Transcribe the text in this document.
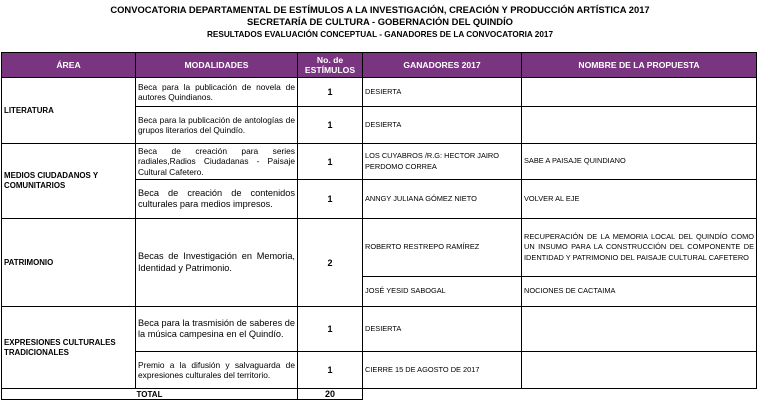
CONVOCATORIA DEPARTAMENTAL DE ESTÍMULOS A LA INVESTIGACIÓN, CREACIÓN Y PRODUCCIÓN ARTÍSTICA 2017
SECRETARÍA DE CULTURA - GOBERNACIÓN DEL QUINDÍO
RESULTADOS EVALUACIÓN CONCEPTUAL - GANADORES DE LA CONVOCATORIA 2017
ÁREA	MODALIDADES	No. de ESTÍMULOS	GANADORES 2017	NOMBRE DE LA PROPUESTA
LITERATURA	Beca para la publicación de novela de autores Quindianos.	1	DESIERTA	
	Beca para la publicación de antologías de grupos literarios del Quindío.	1	DESIERTA	
MEDIOS CIUDADANOS Y COMUNITARIOS	Beca de creación para series radiales,Radios Ciudadanas - Paisaje Cultural Cafetero.	1	LOS CUYABROS /R.G: HECTOR JAIRO PERDOMO CORREA	SABE A PAISAJE QUINDIANO
	Beca de creación de contenidos culturales para medios impresos.	1	ANNGY JULIANA GÓMEZ NIETO	VOLVER AL EJE
PATRIMONIO	Becas de Investigación en Memoria, Identidad y Patrimonio.	2	ROBERTO RESTREPO RAMÍREZ	RECUPERACIÓN DE LA MEMORIA LOCAL DEL QUINDÍO COMO UN INSUMO PARA LA CONSTRUCCIÓN DEL COMPONENTE DE IDENTIDAD Y PATRIMONIO DEL PAISAJE CULTURAL CAFETERO
			JOSÉ YESID SABOGAL	NOCIONES DE CACTAIMA
EXPRESIONES CULTURALES TRADICIONALES	Beca para la trasmisión de saberes de la música campesina en el Quindío.	1	DESIERTA	
	Premio a la difusión y salvaguarda de expresiones culturales del territorio.	1	CIERRE 15 DE AGOSTO DE 2017	
TOTAL		20		
